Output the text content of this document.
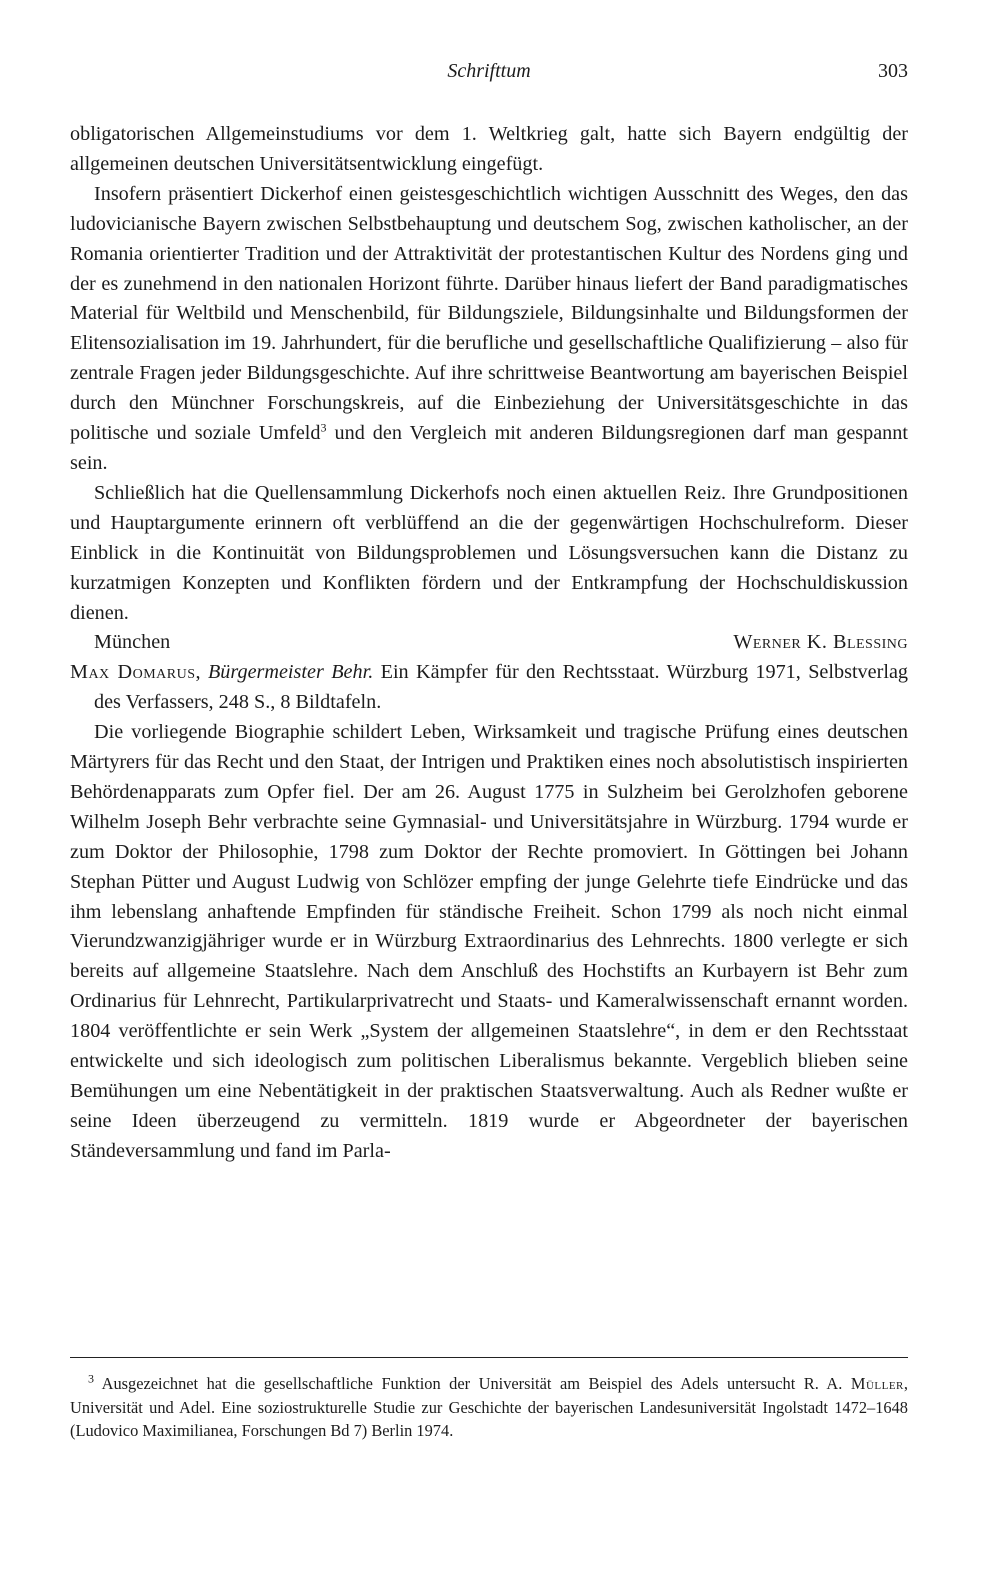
Schrifttum	303

obligatorischen Allgemeinstudiums vor dem 1. Weltkrieg galt, hatte sich Bayern endgültig der allgemeinen deutschen Universitätsentwicklung eingefügt.

Insofern präsentiert Dickerhof einen geistesgeschichtlich wichtigen Ausschnitt des Weges, den das ludovicianische Bayern zwischen Selbstbehauptung und deutschem Sog, zwischen katholischer, an der Romania orientierter Tradition und der Attraktivität der protestantischen Kultur des Nordens ging und der es zunehmend in den nationalen Horizont führte. Darüber hinaus liefert der Band paradigmatisches Material für Weltbild und Menschenbild, für Bildungsziele, Bildungsinhalte und Bildungsformen der Elitensozialisation im 19. Jahrhundert, für die berufliche und gesellschaftliche Qualifizierung – also für zentrale Fragen jeder Bildungsgeschichte. Auf ihre schrittweise Beantwortung am bayerischen Beispiel durch den Münchner Forschungskreis, auf die Einbeziehung der Universitätsgeschichte in das politische und soziale Umfeld$^3$ und den Vergleich mit anderen Bildungsregionen darf man gespannt sein.

Schließlich hat die Quellensammlung Dickerhofs noch einen aktuellen Reiz. Ihre Grundpositionen und Hauptargumente erinnern oft verblüffend an die der gegenwärtigen Hochschulreform. Dieser Einblick in die Kontinuität von Bildungsproblemen und Lösungsversuchen kann die Distanz zu kurzatmigen Konzepten und Konflikten fördern und der Entkrampfung der Hochschuldiskussion dienen.

München	Werner K. Blessing

Max Domarus, Bürgermeister Behr. Ein Kämpfer für den Rechtsstaat. Würzburg 1971, Selbstverlag des Verfassers, 248 S., 8 Bildtafeln.

Die vorliegende Biographie schildert Leben, Wirksamkeit und tragische Prüfung eines deutschen Märtyrers für das Recht und den Staat, der Intrigen und Praktiken eines noch absolutistisch inspirierten Behördenapparats zum Opfer fiel. Der am 26. August 1775 in Sulzheim bei Gerolzhofen geborene Wilhelm Joseph Behr verbrachte seine Gymnasial- und Universitätsjahre in Würzburg. 1794 wurde er zum Doktor der Philosophie, 1798 zum Doktor der Rechte promoviert. In Göttingen bei Johann Stephan Pütter und August Ludwig von Schlözer empfing der junge Gelehrte tiefe Eindrücke und das ihm lebenslang anhaftende Empfinden für ständische Freiheit. Schon 1799 als noch nicht einmal Vierundzwanzigjähriger wurde er in Würzburg Extraordinarius des Lehnrechts. 1800 verlegte er sich bereits auf allgemeine Staatslehre. Nach dem Anschluß des Hochstifts an Kurbayern ist Behr zum Ordinarius für Lehnrecht, Partikularprivatrecht und Staats- und Kameralwissenschaft ernannt worden. 1804 veröffentlichte er sein Werk „System der allgemeinen Staatslehre“, in dem er den Rechtsstaat entwickelte und sich ideologisch zum politischen Liberalismus bekannte. Vergeblich blieben seine Bemühungen um eine Nebentätigkeit in der praktischen Staatsverwaltung. Auch als Redner wußte er seine Ideen überzeugend zu vermitteln. 1819 wurde er Abgeordneter der bayerischen Ständeversammlung und fand im Parla-

$^3$ Ausgezeichnet hat die gesellschaftliche Funktion der Universität am Beispiel des Adels untersucht R. A. Müller, Universität und Adel. Eine soziostrukturelle Studie zur Geschichte der bayerischen Landesuniversität Ingolstadt 1472–1648 (Ludovico Maximilianea, Forschungen Bd 7) Berlin 1974.
